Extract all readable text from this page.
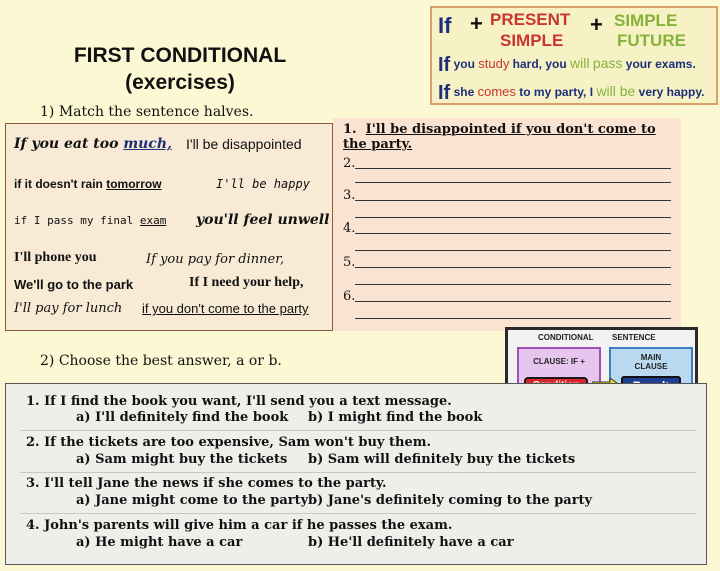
FIRST CONDITIONAL
(exercises)
If + PRESENT
SIMPLE
+ SIMPLE
FUTURE
If you study hard, you will pass your exams.
If she comes to my party, I will be very happy.
1) Match the sentence halves.
If you eat too much, I'll be disappointed
if it doesn't rain tomorrow	I'll be happy
if I pass my final exam you'll feel unwell
I'll phone you	If you pay for dinner,
We'll go to the park	If I need your help,
I'll pay for lunch if you don't come to the party
1. I'll be disappointed if you don't come to the party.
2.
3.
4.
5.
6.
CONDITIONAL SENTENCE
CLAUSE: IF +	MAIN
CLAUSE
2) Choose the best answer, a or b.
1. If I find the book you want, I'll send you a text message.
a) I'll definitely find the book b) I might find the book
2. If the tickets are too expensive, Sam won't buy them.
a) Sam might buy the tickets b) Sam will definitely buy the tickets
3. I'll tell Jane the news if she comes to the party.
a) Jane might come to the party b) Jane's definitely coming to the party
4. John's parents will give him a car if he passes the exam.
a) He might have a car	b) He'll definitely have a car
